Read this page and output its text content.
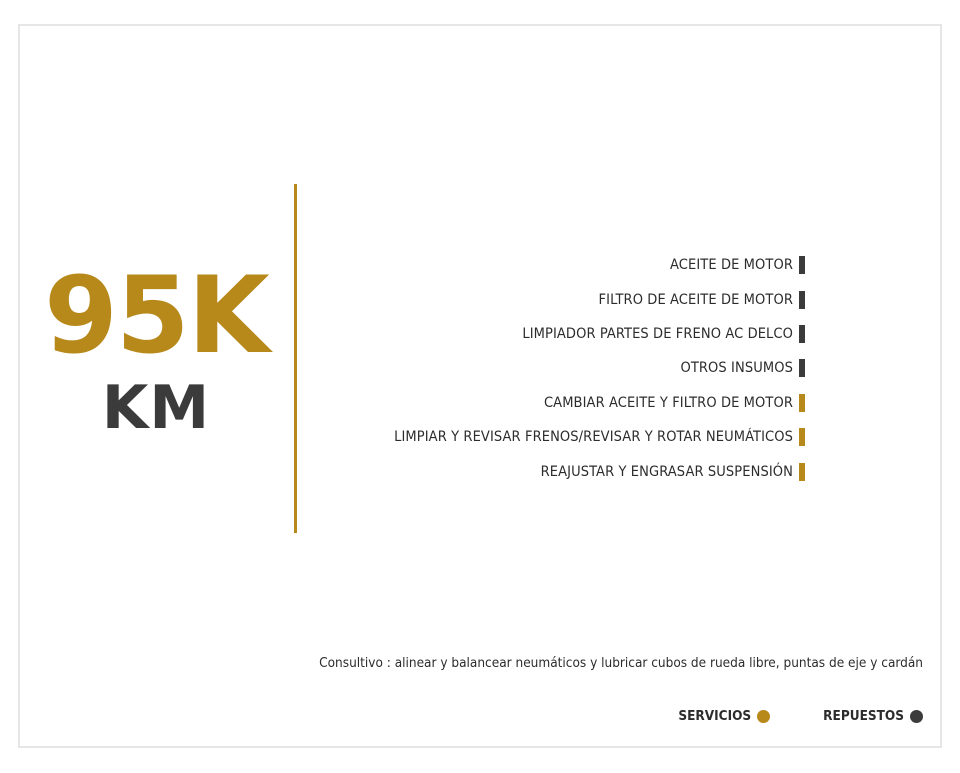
95K
KM
ACEITE DE MOTOR
FILTRO DE ACEITE DE MOTOR
LIMPIADOR PARTES DE FRENO AC DELCO
OTROS INSUMOS
CAMBIAR ACEITE Y FILTRO DE MOTOR
LIMPIAR Y REVISAR FRENOS/REVISAR Y ROTAR NEUMÁTICOS
REAJUSTAR Y ENGRASAR SUSPENSIÓN
Consultivo : alinear y balancear neumáticos y lubricar cubos de rueda libre, puntas de eje y cardán
SERVICIOS	REPUESTOS
